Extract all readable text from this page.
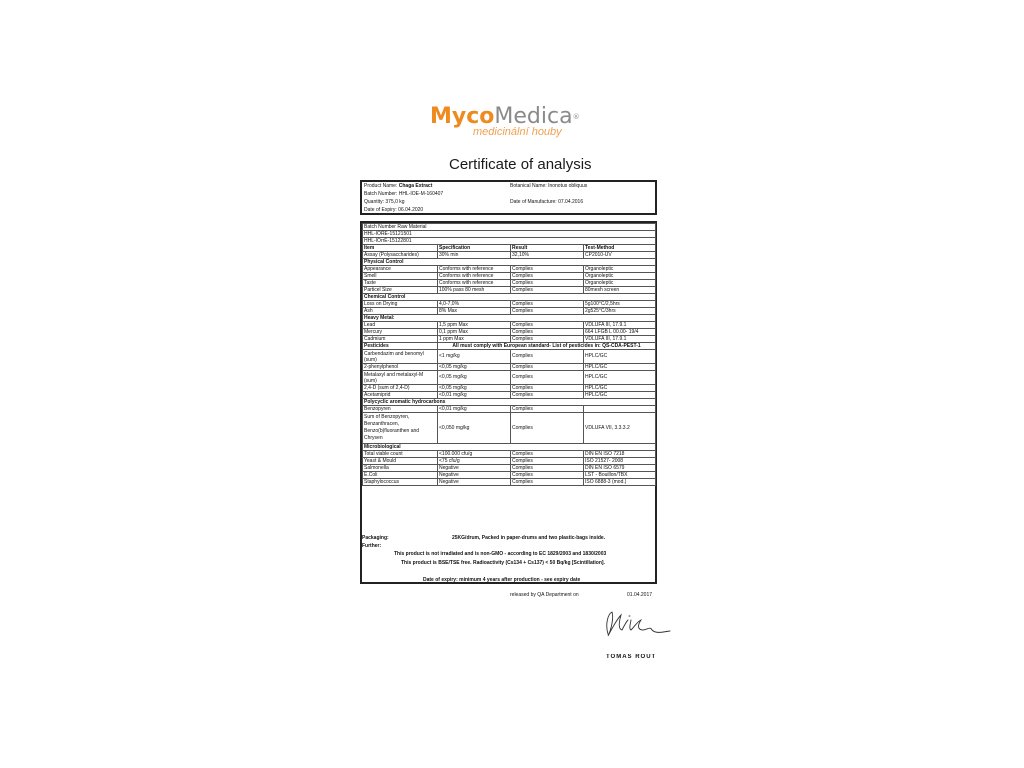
MycoMedica®
medicinální houby
Certificate of analysis
Product Name: Chaga Extract	Botanical Name: Inonotus obliquus
Batch Number: HHL-IOE-M-160407
Quantity: 375,0 kg	Date of Manufacture: 07.04.2016
Date of Expiry: 06.04.2020
Batch Number Raw Material			
HHL-IORE-15121501			
HHL-IOrrE-15122801			
Item	Specification	Result	Test-Method
Assay (Polysaccharides)	30% min	32,10%	CP2010-UV
Physical Control			
Appearance	Conforms with reference	Complies	Organoleptic
Smell	Conforms with reference	Complies	Organoleptic
Taste	Conforms with reference	Complies	Organoleptic
Particel Size	100% pass 80 mesh	Complies	80mesh screen
Chemical Control			
Loss on Drying	4,0-7,0%	Complies	5g100°C/2,5hrs
Ash	8% Max	Complies	2g525°C/3hrs
Heavy Metal:			
Lead	1,5 ppm Max	Complies	VDLUFA III, 17.9.1
Mercury	0,1 ppm Max	Complies	664 LFGB L 00.00- 19/4
Cadmium	1 ppm Max	Complies	VDLUFA III, 17.9.1
Pesticides	All must comply with European standard- List of pesticides in: QS-CDA-PEST-1		
Carbendazim and benomyl (sum)	<1 mg/kg	Complies	HPLC/GC
2-phenylphenol	<0,05 mg/kg	Complies	HPLC/GC
Metalaxyl and metalaxyl-M (sum)	<0,05 mg/kg	Complies	HPLC/GC
2,4-D (sum of 2,4-D)	<0,05 mg/kg	Complies	HPLC/GC
Acetamiprid	<0,01 mg/kg	Complies	HPLC/GC
Polycyclic aromatic hydrocarbons			
Benzopyren	<0,01 mg/kg	Complies	
Sum of Benzopyren, Benzanthracen, Benzo(b)fluoranthen and Chrysen	<0,050 mg/kg	Complies	VDLUFA VII, 3.3.3.2
Microbiological			
Total viable count	<100.000 cfu/g	Complies	DIN EN ISO 7218
Yeast & Mould	<75 cfu/g	Complies	ISO 21527- 2008
Salmonella	Negative	Complies	DIN EN ISO 6579
E.Coli	Negative	Complies	LST - Bouillon/TBX
Staphylococcus	Negative	Complies	ISO 6888-3 (mod.)
Packaging:	25KG/drum, Packed in paper-drums and two plastic-bags inside.
Further:
This product is not irradiated and is non-GMO - according to EC 1829/2003 and 1830/2003
This product is BSE/TSE free. Radioactivity (Cs134 + Cs137) < 50 Bq/kg [Scintillation].
Date of expiry: minimum 4 years after production - see expiry date
released by QA Department on	01.04.2017
TOMAS ROUT
